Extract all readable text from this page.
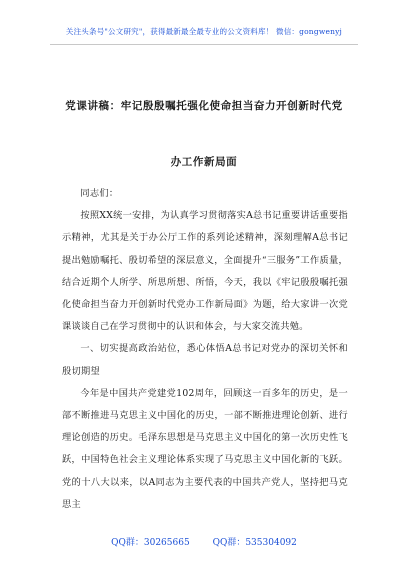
关注头条号"公文研究"，获得最新最全最专业的公文资料库！ 微信：gongwenyj
党课讲稿：牢记殷殷嘱托强化使命担当奋力开创新时代党
办工作新局面

同志们：

按照XX统一安排，为认真学习贯彻落实A总书记重要讲话重要指示精神，尤其是关于办公厅工作的系列论述精神，深刻理解A总书记提出勉励嘱托、殷切希望的深层意义，全面提升“三服务”工作质量，结合近期个人所学、所思所想、所悟，今天，我以《牢记殷殷嘱托强化使命担当奋力开创新时代党办工作新局面》为题，给大家讲一次党课谈谈自己在学习贯彻中的认识和体会，与大家交流共勉。

一、切实提高政治站位，悉心体悟A总书记对党办的深切关怀和殷切期望

今年是中国共产党建党102周年，回顾这一百多年的历史，是一部不断推进马克思主义中国化的历史，一部不断推进理论创新、进行理论创造的历史。毛泽东思想是马克思主义中国化的第一次历史性飞跃，中国特色社会主义理论体系实现了马克思主义中国化新的飞跃。党的十八大以来，以A同志为主要代表的中国共产党人，坚持把马克思主

QQ群：30265665	QQ群：535304092
